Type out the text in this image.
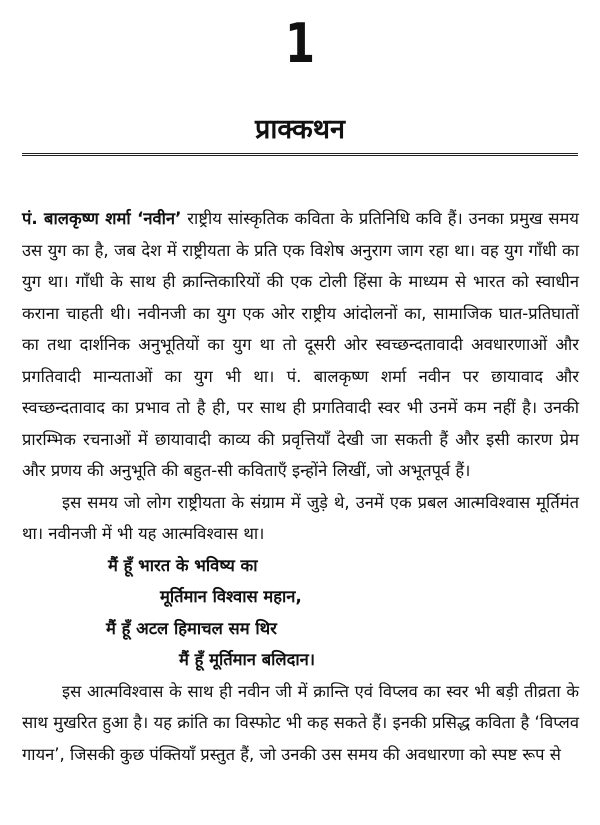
1
प्राक्कथन

पं. बालकृष्ण शर्मा ‘नवीन’ राष्ट्रीय सांस्कृतिक कविता के प्रतिनिधि कवि हैं। उनका प्रमुख समय उस युग का है, जब देश में राष्ट्रीयता के प्रति एक विशेष अनुराग जाग रहा था। वह युग गाँधी का युग था। गाँधी के साथ ही क्रान्तिकारियों की एक टोली हिंसा के माध्यम से भारत को स्वाधीन कराना चाहती थी। नवीनजी का युग एक ओर राष्ट्रीय आंदोलनों का, सामाजिक घात-प्रतिघातों का तथा दार्शनिक अनुभूतियों का युग था तो दूसरी ओर स्वच्छन्दतावादी अवधारणाओं और प्रगतिवादी मान्यताओं का युग भी था। पं. बालकृष्ण शर्मा नवीन पर छायावाद और स्वच्छन्दतावाद का प्रभाव तो है ही, पर साथ ही प्रगतिवादी स्वर भी उनमें कम नहीं है। उनकी प्रारम्भिक रचनाओं में छायावादी काव्य की प्रवृत्तियाँ देखी जा सकती हैं और इसी कारण प्रेम और प्रणय की अनुभूति की बहुत-सी कविताएँ इन्होंने लिखीं, जो अभूतपूर्व हैं।

इस समय जो लोग राष्ट्रीयता के संग्राम में जुड़े थे, उनमें एक प्रबल आत्मविश्वास मूर्तिमंत था। नवीनजी में भी यह आत्मविश्वास था।

मैं हूँ भारत के भविष्य का
मूर्तिमान विश्वास महान,
मैं हूँ अटल हिमाचल सम थिर
मैं हूँ मूर्तिमान बलिदान।

इस आत्मविश्वास के साथ ही नवीन जी में क्रान्ति एवं विप्लव का स्वर भी बड़ी तीव्रता के साथ मुखरित हुआ है। यह क्रांति का विस्फोट भी कह सकते हैं। इनकी प्रसिद्ध कविता है ‘विप्लव गायन’, जिसकी कुछ पंक्तियाँ प्रस्तुत हैं, जो उनकी उस समय की अवधारणा को स्पष्ट रूप से
